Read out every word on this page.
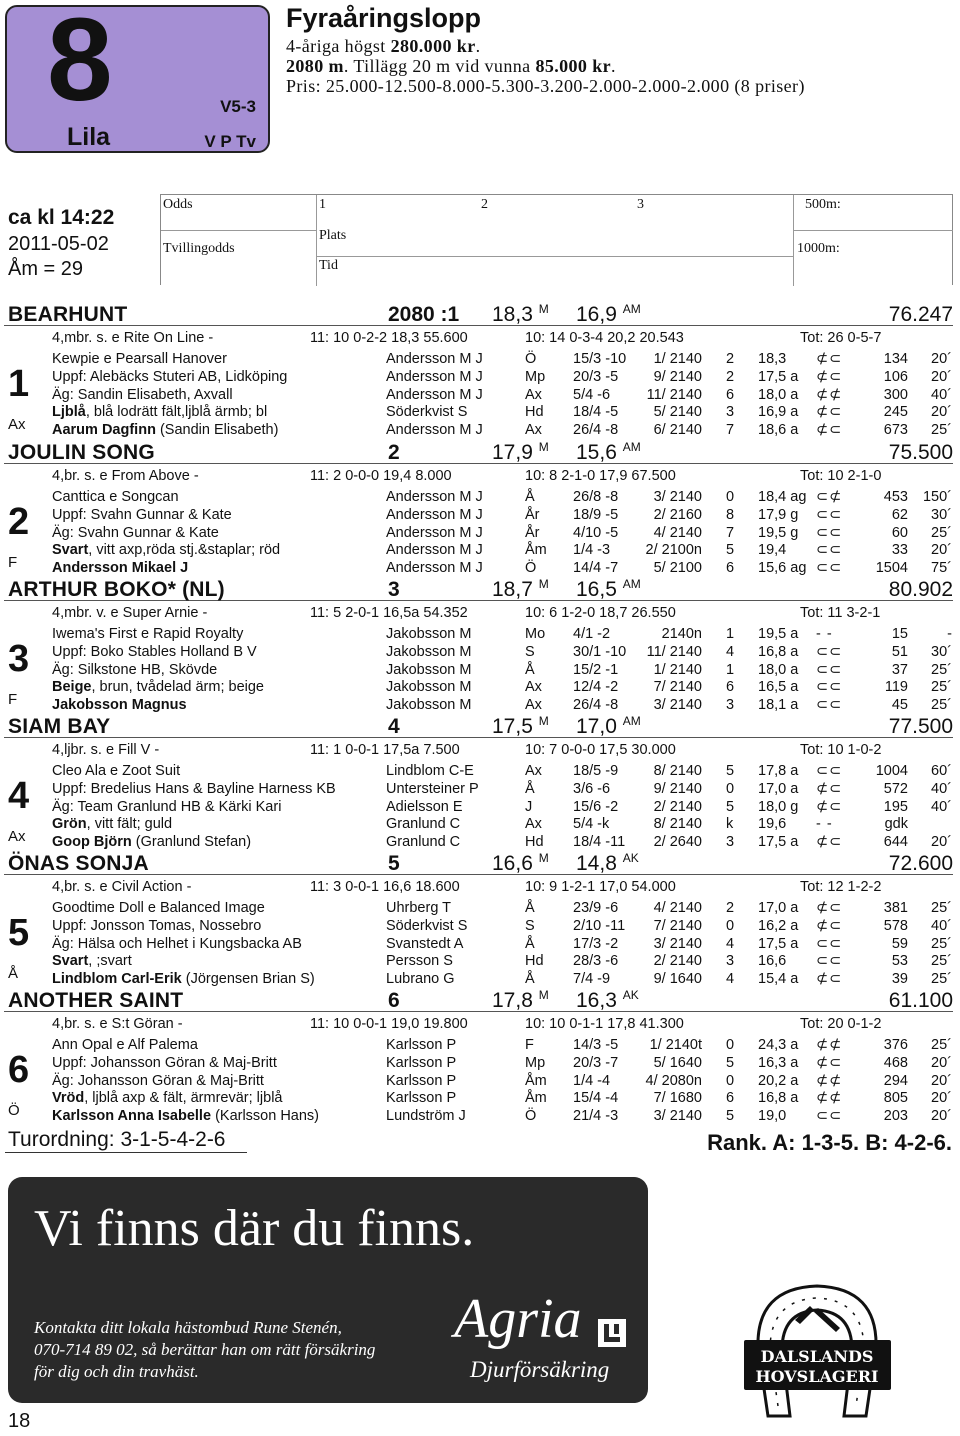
8	V5-3
Lila	V P Tv
Fyraåringslopp
4-åriga högst 280.000 kr.
2080 m. Tillägg 20 m vid vunna 85.000 kr.
Pris: 25.000-12.500-8.000-5.300-3.200-2.000-2.000-2.000 (8 priser)
ca kl 14:22
2011-05-02
Åm = 29
Odds
Tvillingodds
1	2	3
Plats
Tid
500m:
1000m:
BEARHUNT	2080 :1 18,3 $^M$ 16,9 $^{AM}$	76.247
1
Ax
4,mbr. s. e Rite On Line -	11: 10 0-2-2 18,3 55.600	10: 14 0-3-4 20,2 20.543	Tot: 26 0-5-7
Kewpie e Pearsall Hanover	Andersson M J	Ö	15/3 -10	1/ 2140 2 18,3 ⊄⊂	134	20´
Uppf: Alebäcks Stuteri AB, Lidköping	Andersson M J	Mp 20/3 -5	9/ 2140 2 17,5 a ⊄⊂	106	20´
Äg: Sandin Elisabeth, Axvall	Andersson M J	Ax 5/4 -6	11/ 2140 6 18,0 a ⊄⊄	300	40´
Ljblå, blå lodrätt fält,ljblå ärmb; bl	Söderkvist S	Hd 18/4 -5	5/ 2140 3 16,9 a ⊄⊂	245	20´
Aarum Dagfinn (Sandin Elisabeth)	Andersson M J	Ax 26/4 -8	6/ 2140 7 18,6 a ⊄⊂	673	25´
JOULIN SONG	2	17,9 $^M$ 15,6 $^{AM}$	75.500
2
F
4,br. s. e From Above -	11: 2 0-0-0 19,4 8.000	10: 8 2-1-0 17,9 67.500	Tot: 10 2-1-0
Canttica e Songcan	Andersson M J	Å	26/8 -8	3/ 2140 0 18,4 ag ⊂⊄	453	150´
Uppf: Svahn Gunnar & Kate	Andersson M J	År 18/9 -5	2/ 2160 8 17,9 g ⊂⊂	62	30´
Äg: Svahn Gunnar & Kate	Andersson M J	År 4/10 -5	4/ 2140 7 19,5 g ⊂⊂	60	25´
Svart, vitt axp,röda stj.&staplar; röd	Andersson M J	Åm 1/4 -3	2/ 2100n 5 19,4 ⊂⊂	33	20´
Andersson Mikael J	Andersson M J	Ö	14/4 -7	5/ 2100 6 15,6 ag ⊂⊂	1504	75´
ARTHUR BOKO* (NL)	3	18,7 $^M$ 16,5 $^{AM}$	80.902
3
F
4,mbr. v. e Super Arnie -	11: 5 2-0-1 16,5a 54.352	10: 6 1-2-0 18,7 26.550	Tot: 11 3-2-1
Iwema's First e Rapid Royalty	Jakobsson M	Mo 4/1 -2	2140n 1 19,5 a - -	15	-
Uppf: Boko Stables Holland B V	Jakobsson M	S	30/1 -10	11/ 2140 4 16,8 a ⊂⊂	51	30´
Äg: Silkstone HB, Skövde	Jakobsson M	Å	15/2 -1	1/ 2140 1 18,0 a ⊂⊂	37	25´
Beige, brun, tvådelad ärm; beige	Jakobsson M	Ax 12/4 -2	7/ 2140 6 16,5 a ⊂⊂	119	25´
Jakobsson Magnus	Jakobsson M	Ax 26/4 -8	3/ 2140 3 18,1 a ⊂⊂	45	25´
SIAM BAY	4	17,5 $^M$ 17,0 $^{AM}$	77.500
4
Ax
4,ljbr. s. e Fill V -	11: 1 0-0-1 17,5a 7.500	10: 7 0-0-0 17,5 30.000	Tot: 10 1-0-2
Cleo Ala e Zoot Suit	Lindblom C-E	Ax 18/5 -9	8/ 2140 5 17,8 a ⊂⊂	1004	60´
Uppf: Bredelius Hans & Bayline Harness KB	Untersteiner P	Å	3/6 -6	9/ 2140 0 17,0 a ⊄⊂	572	40´
Äg: Team Granlund HB & Kärki Kari	Adielsson E	J	15/6 -2	2/ 2140 5 18,0 g ⊄⊂	195	40´
Grön, vitt fält; guld	Granlund C	Ax 5/4 -k	8/ 2140 k 19,6 - -	gdk
Goop Björn (Granlund Stefan)	Granlund C	Hd 18/4 -11	2/ 2640 3 17,5 a ⊄⊂	644	20´
ÖNAS SONJA	5	16,6 $^M$ 14,8 $^{AK}$	72.600
5
Å
4,br. s. e Civil Action -	11: 3 0-0-1 16,6 18.600	10: 9 1-2-1 17,0 54.000	Tot: 12 1-2-2
Goodtime Doll e Balanced Image	Uhrberg T	Å	23/9 -6	4/ 2140 2 17,0 a ⊄⊂	381	25´
Uppf: Jonsson Tomas, Nossebro	Söderkvist S	S	2/10 -11	7/ 2140 0 16,2 a ⊄⊂	578	40´
Äg: Hälsa och Helhet i Kungsbacka AB	Svanstedt A	Å	17/3 -2	3/ 2140 4 17,5 a ⊂⊂	59	25´
Svart, ;svart	Persson S	Hd 28/3 -6	2/ 2140 3 16,6 ⊂⊂	53	25´
Lindblom Carl-Erik (Jörgensen Brian S)	Lubrano G	Å	7/4 -9	9/ 1640 4 15,4 a ⊄⊂	39	25´
ANOTHER SAINT	6	17,8 $^M$ 16,3 $^{AK}$	61.100
6
Ö
4,br. s. e S:t Göran -	11: 10 0-0-1 19,0 19.800	10: 10 0-1-1 17,8 41.300	Tot: 20 0-1-2
Ann Opal e Alf Palema	Karlsson P	F	14/3 -5	1/ 2140t 0 24,3 a ⊄⊄	376	25´
Uppf: Johansson Göran & Maj-Britt	Karlsson P	Mp 20/3 -7	5/ 1640 5 16,3 a ⊄⊂	468	20´
Äg: Johansson Göran & Maj-Britt	Karlsson P	Åm 1/4 -4	4/ 2080n 0 20,2 a ⊄⊄	294	20´
Vröd, ljblå axp & fält, ärmrevär; ljblå	Karlsson P	Åm 15/4 -4	7/ 1680 6 16,8 a ⊄⊄	805	20´
Karlsson Anna Isabelle (Karlsson Hans)	Lundström J	Ö	21/4 -3	3/ 2140 5 19,0 ⊂⊂	203	20´
Turordning: 3-1-5-4-2-6	Rank. A: 1-3-5. B: 4-2-6.
Vi finns där du finns.
Kontakta ditt lokala hästombud Rune Stenén,
070-714 89 02, så berättar han om rätt försäkring
för dig och din travhäst.
Agria
Djurförsäkring
DALSLANDS
HOVSLAGERI
18
